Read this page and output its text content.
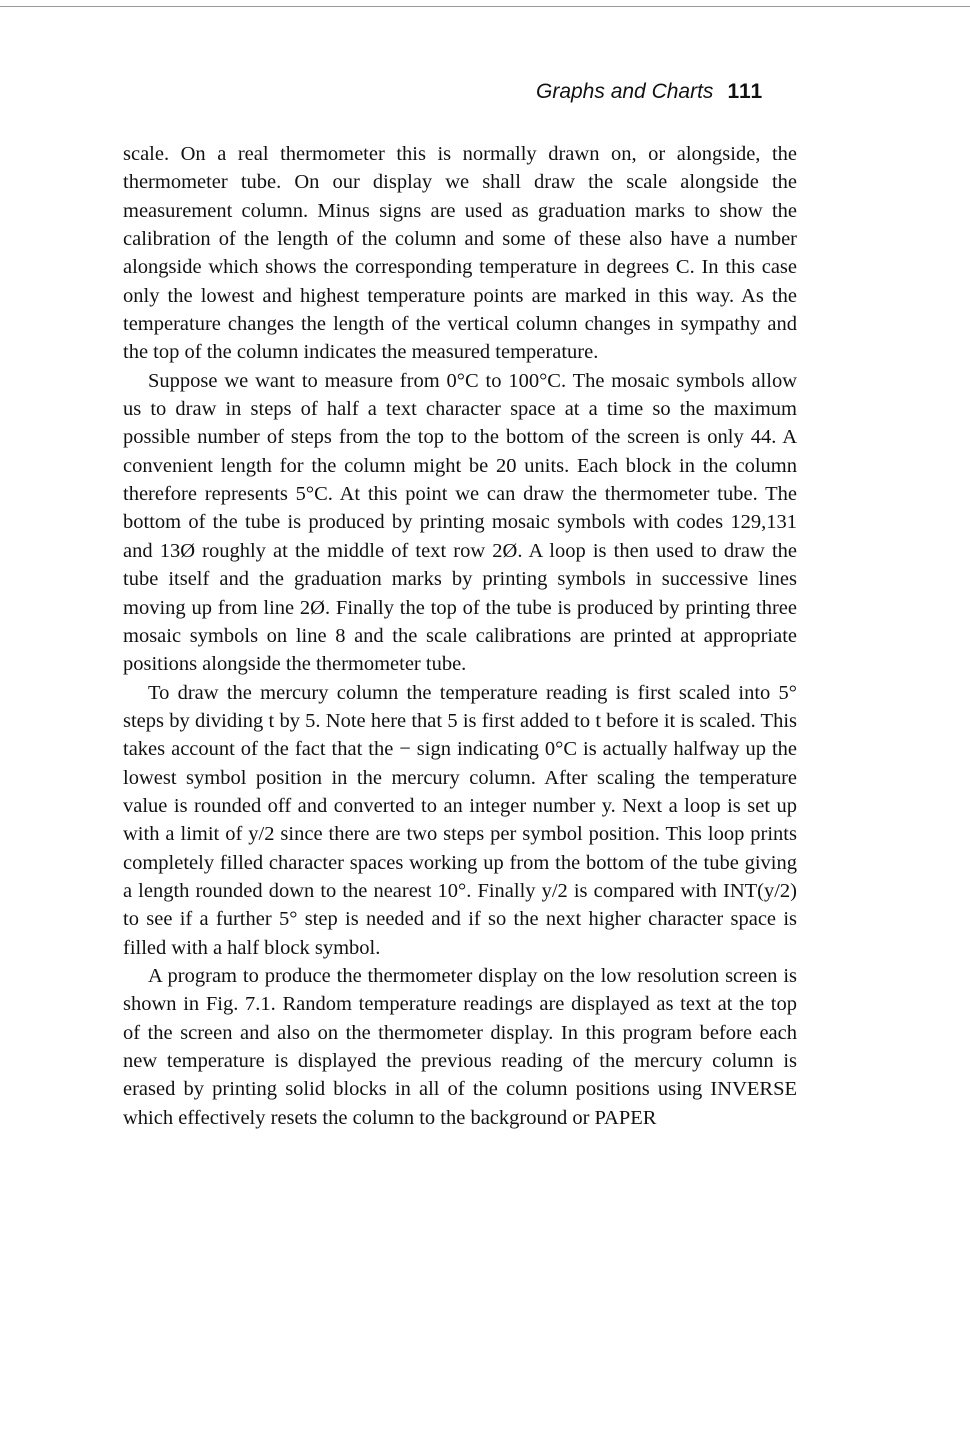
Graphs and Charts 111

scale. On a real thermometer this is normally drawn on, or alongside, the thermometer tube. On our display we shall draw the scale alongside the measurement column. Minus signs are used as graduation marks to show the calibration of the length of the column and some of these also have a number alongside which shows the corresponding temperature in degrees C. In this case only the lowest and highest temperature points are marked in this way. As the temperature changes the length of the vertical column changes in sympathy and the top of the column indicates the measured temperature.

Suppose we want to measure from 0°C to 100°C. The mosaic symbols allow us to draw in steps of half a text character space at a time so the maximum possible number of steps from the top to the bottom of the screen is only 44. A convenient length for the column might be 20 units. Each block in the column therefore represents 5°C. At this point we can draw the thermometer tube. The bottom of the tube is produced by printing mosaic symbols with codes 129,131 and 13Ø roughly at the middle of text row 2Ø. A loop is then used to draw the tube itself and the graduation marks by printing symbols in successive lines moving up from line 2Ø. Finally the top of the tube is produced by printing three mosaic symbols on line 8 and the scale calibrations are printed at appropriate positions alongside the thermometer tube.

To draw the mercury column the temperature reading is first scaled into 5° steps by dividing t by 5. Note here that 5 is first added to t before it is scaled. This takes account of the fact that the − sign indicating 0°C is actually halfway up the lowest symbol position in the mercury column. After scaling the temperature value is rounded off and converted to an integer number y. Next a loop is set up with a limit of y/2 since there are two steps per symbol position. This loop prints completely filled character spaces working up from the bottom of the tube giving a length rounded down to the nearest 10°. Finally y/2 is compared with INT(y/2) to see if a further 5° step is needed and if so the next higher character space is filled with a half block symbol.

A program to produce the thermometer display on the low resolution screen is shown in Fig. 7.1. Random temperature readings are displayed as text at the top of the screen and also on the thermometer display. In this program before each new temperature is displayed the previous reading of the mercury column is erased by printing solid blocks in all of the column positions using INVERSE which effectively resets the column to the background or PAPER
